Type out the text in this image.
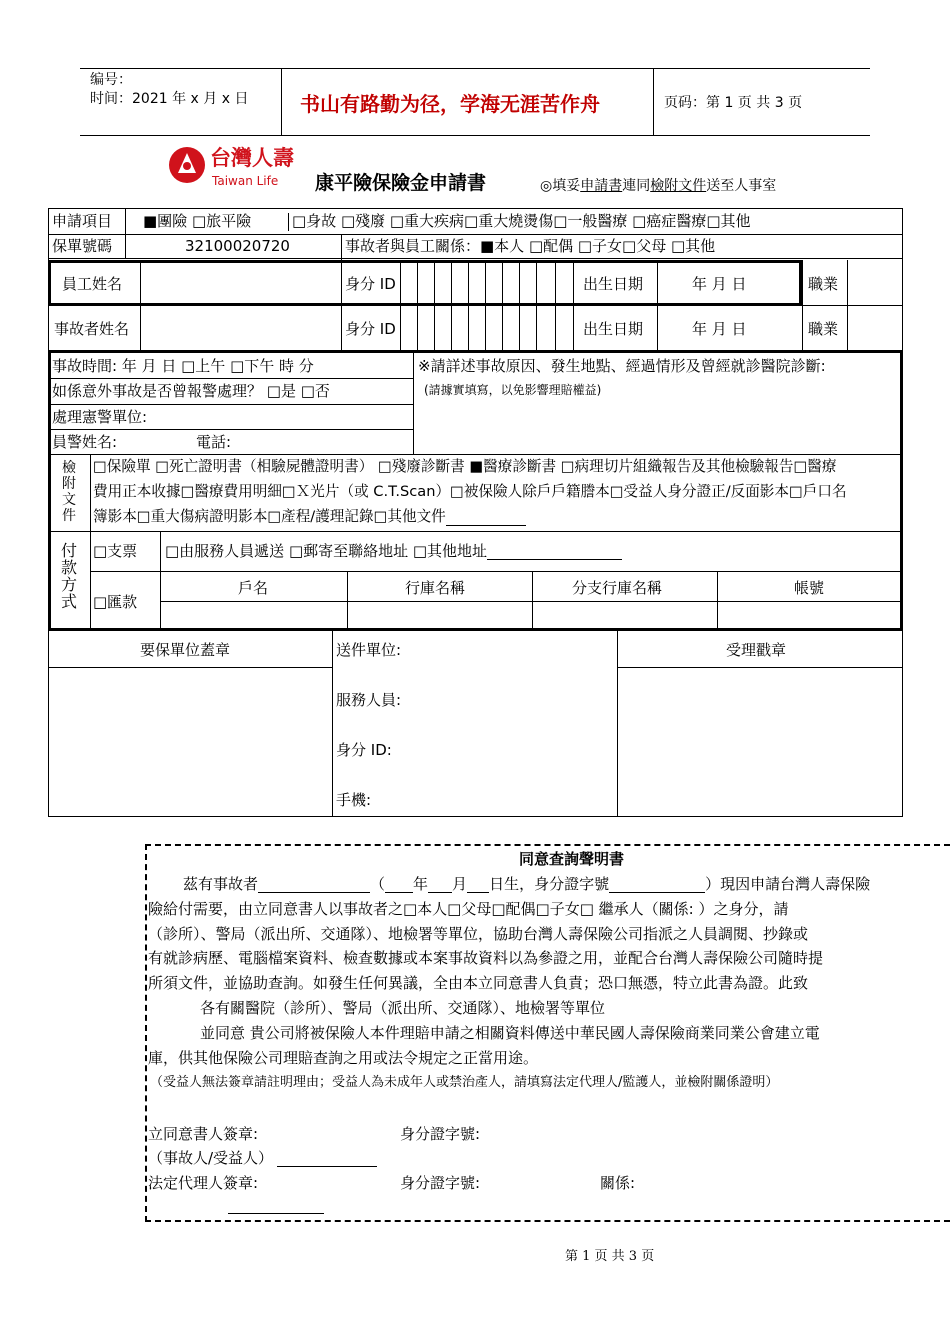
编号：
时间：2021 年 x 月 x 日	书山有路勤为径，学海无涯苦作舟	页码：第 1 页 共 3 页
台灣人壽
Taiwan Life 康平險保險金申請書	◎填妥申請書連同檢附文件送至人事室
申請項目 ■團險 □旅平險	□身故 □殘廢 □重大疾病□重大燒燙傷□一般醫療 □癌症醫療□其他
保單號碼	32100020720	事故者與員工關係：■本人 □配偶 □子女□父母 □其他
員工姓名	身分 ID	出生日期	年 月 日	職業
事故者姓名	身分 ID	出生日期	年 月 日	職業
事故時間: 年 月 日 □上午 □下午 時 分
如係意外事故是否曾報警處理？ □是 □否
處理憲警單位:
員警姓名:	電話:
※請詳述事故原因、發生地點、經過情形及曾經就診醫院診斷:
(請據實填寫，以免影響理賠權益)
檢附文件
□保險單 □死亡證明書（相驗屍體證明書） □殘廢診斷書 ■醫療診斷書 □病理切片組織報告及其他檢驗報告□醫療
費用正本收據□醫療費用明細□Ｘ光片（或 C.T.Scan）□被保險人除戶戶籍謄本□受益人身分證正/反面影本□戶口名
簿影本□重大傷病證明影本□產程/護理記錄□其他文件
付款方式
□支票 □由服務人員遞送 □郵寄至聯絡地址 □其他地址
□匯款
戶名	行庫名稱	分支行庫名稱	帳號
要保單位蓋章	送件單位:
服務人員:
身分 ID:
手機:
受理戳章
同意查詢聲明書
茲有事故者	（ 年 月 日生，身分證字號	）現因申請台灣人壽保險
險給付需要，由立同意書人以事故者之□本人□父母□配偶□子女□ 繼承人（關係: ）之身分，請
（診所）、警局（派出所、交通隊）、地檢署等單位，協助台灣人壽保險公司指派之人員調閱、抄錄或
有就診病歷、電腦檔案資料、檢查數據或本案事故資料以為參證之用，並配合台灣人壽保險公司隨時提
所須文件，並協助查詢。如發生任何異議，全由本立同意書人負責；恐口無憑，特立此書為證。此致
各有關醫院（診所）、警局（派出所、交通隊）、地檢署等單位
並同意 貴公司將被保險人本件理賠申請之相關資料傳送中華民國人壽保險商業同業公會建立電
庫，供其他保險公司理賠查詢之用或法令規定之正當用途。
（受益人無法簽章請註明理由；受益人為未成年人或禁治產人，請填寫法定代理人/監護人，並檢附關係證明）
立同意書人簽章:	身分證字號:
（事故人/受益人）
法定代理人簽章:	身分證字號:	關係:
第 1 页 共 3 页
